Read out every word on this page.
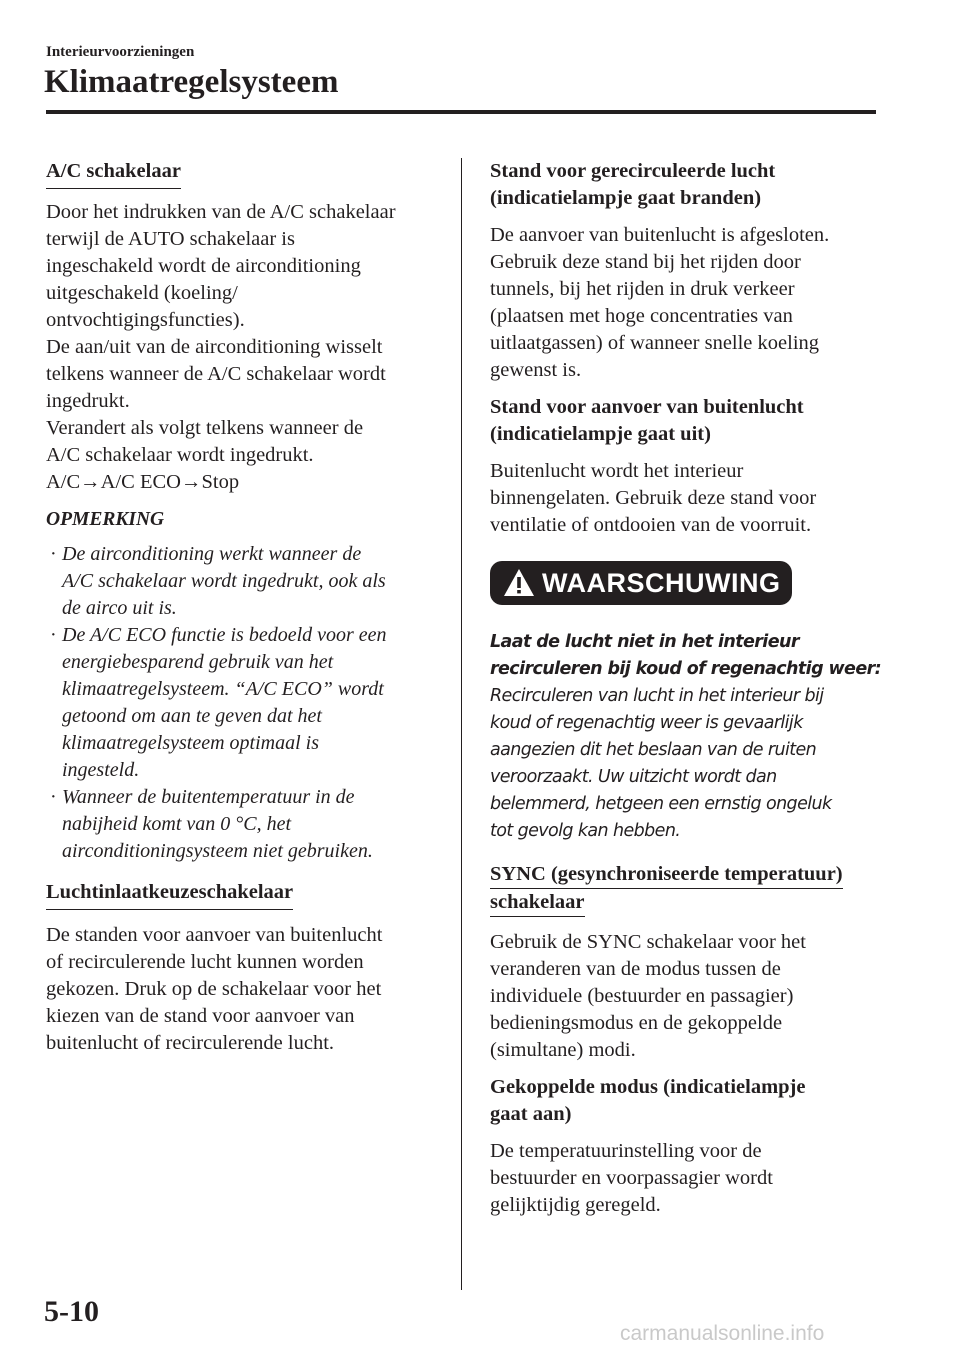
Interieurvoorzieningen
Klimaatregelsysteem
A/C schakelaar
Door het indrukken van de A/C schakelaar
terwijl de AUTO schakelaar is
ingeschakeld wordt de airconditioning
uitgeschakeld (koeling/
ontvochtigingsfuncties).
De aan/uit van de airconditioning wisselt
telkens wanneer de A/C schakelaar wordt
ingedrukt.
Verandert als volgt telkens wanneer de
A/C schakelaar wordt ingedrukt.
A/C→A/C ECO→Stop
OPMERKING
· De airconditioning werkt wanneer de
A/C schakelaar wordt ingedrukt, ook als
de airco uit is.
· De A/C ECO functie is bedoeld voor een
energiebesparend gebruik van het
klimaatregelsysteem. “A/C ECO” wordt
getoond om aan te geven dat het
klimaatregelsysteem optimaal is
ingesteld.
· Wanneer de buitentemperatuur in de
nabijheid komt van 0 °C, het
airconditioningsysteem niet gebruiken.
Luchtinlaatkeuzeschakelaar
De standen voor aanvoer van buitenlucht
of recirculerende lucht kunnen worden
gekozen. Druk op de schakelaar voor het
kiezen van de stand voor aanvoer van
buitenlucht of recirculerende lucht.
Stand voor gerecirculeerde lucht
(indicatielampje gaat branden)
De aanvoer van buitenlucht is afgesloten.
Gebruik deze stand bij het rijden door
tunnels, bij het rijden in druk verkeer
(plaatsen met hoge concentraties van
uitlaatgassen) of wanneer snelle koeling
gewenst is.
Stand voor aanvoer van buitenlucht
(indicatielampje gaat uit)
Buitenlucht wordt het interieur
binnengelaten. Gebruik deze stand voor
ventilatie of ontdooien van de voorruit.
WAARSCHUWING
Laat de lucht niet in het interieur
recirculeren bij koud of regenachtig weer:
Recirculeren van lucht in het interieur bij
koud of regenachtig weer is gevaarlijk
aangezien dit het beslaan van de ruiten
veroorzaakt. Uw uitzicht wordt dan
belemmerd, hetgeen een ernstig ongeluk
tot gevolg kan hebben.
SYNC (gesynchroniseerde temperatuur)
schakelaar
Gebruik de SYNC schakelaar voor het
veranderen van de modus tussen de
individuele (bestuurder en passagier)
bedieningsmodus en de gekoppelde
(simultane) modi.
Gekoppelde modus (indicatielampje
gaat aan)
De temperatuurinstelling voor de
bestuurder en voorpassagier wordt
gelijktijdig geregeld.
5-10
carmanualsonline.info
